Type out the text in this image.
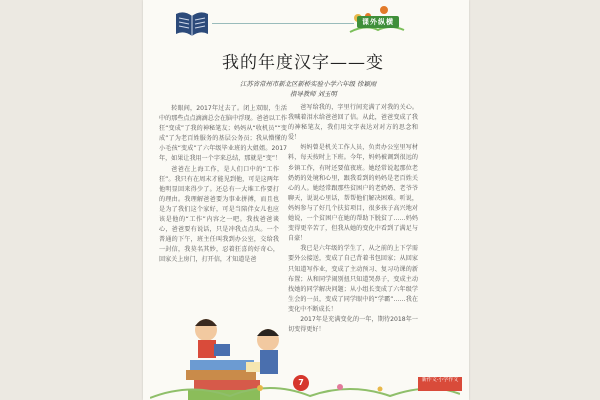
课外纵横
我的年度汉字——变
江苏省常州市新北区新桥实验小学六年级 徐颖雨
指导教师 刘玉明

转眼间，2017年过去了。闭上双眼，生活中的那些点点滴滴总会在脑中浮现。爸爸以工作狂“变成”了我的神秘笔友；妈妈从“收机员”“变成”了为老百姓服务的基层公务员；我从懵懂的小毛孩“变成”了六年级毕业班的大姐姐。2017年，如果让我用一个字来总结，那就是“变”！

爸爸在上海工作，是人们口中的“工作狂”。我只有在周末才能见到他，可是这两年他明显回来得少了。还总有一大堆工作要打的理由。我理解爸爸要为事业拼搏，而且也是为了我们这个家好，可是当陪伴女儿也应该是他的“工作”内容之一吧。我找爸爸谈心，爸爸要有说话，只是冲我点点头。一个普通的下午，班主任叫我到办公室，交给我一封信，我莫名其妙，忍着狂喜的好奇心，回家关上房门，打开信，才知道是爸

爸写给我的，字里行间充满了对我的关心。我喊着泪水给爸爸回了信。从此，爸爸变成了我的神秘笔友，我们用文字表达对对方的思念和爱！

妈妈曾是机关工作人员，负责办公室里写材料，每天按时上下班。今年，妈妈被调到很远的乡镇工作，有时还要值夜班。她经常说起那位老奶奶的处境和心里，跟我看到的妈妈是老百姓关心的人。她经常跟那些贫困户的老奶奶、老爷爷聊天，说说心里话，帮帮他们解决困难。听说，妈妈参与了好几个扶贫项目，很多孩子高兴地对她说，一个贫困户在她的帮助下脱贫了……妈妈变得更辛苦了，但我从她的变化中看到了满足与自豪！

我已是六年级的学生了，从之前的上下学需要外公接送，变成了自己背着书包回家；从回家只知道写作业，变成了主动预习、复习功课的新布置；从和同学闹别扭只知道哭鼻子，变成主动找她的同学解决问题；从小组长变成了六年级学生会的一员，变成了同学眼中的“学霸”……我在变化中不断成长！

2017年是充满变化的一年，期待2018年一切变得更好！

7	新作文·小学作文
